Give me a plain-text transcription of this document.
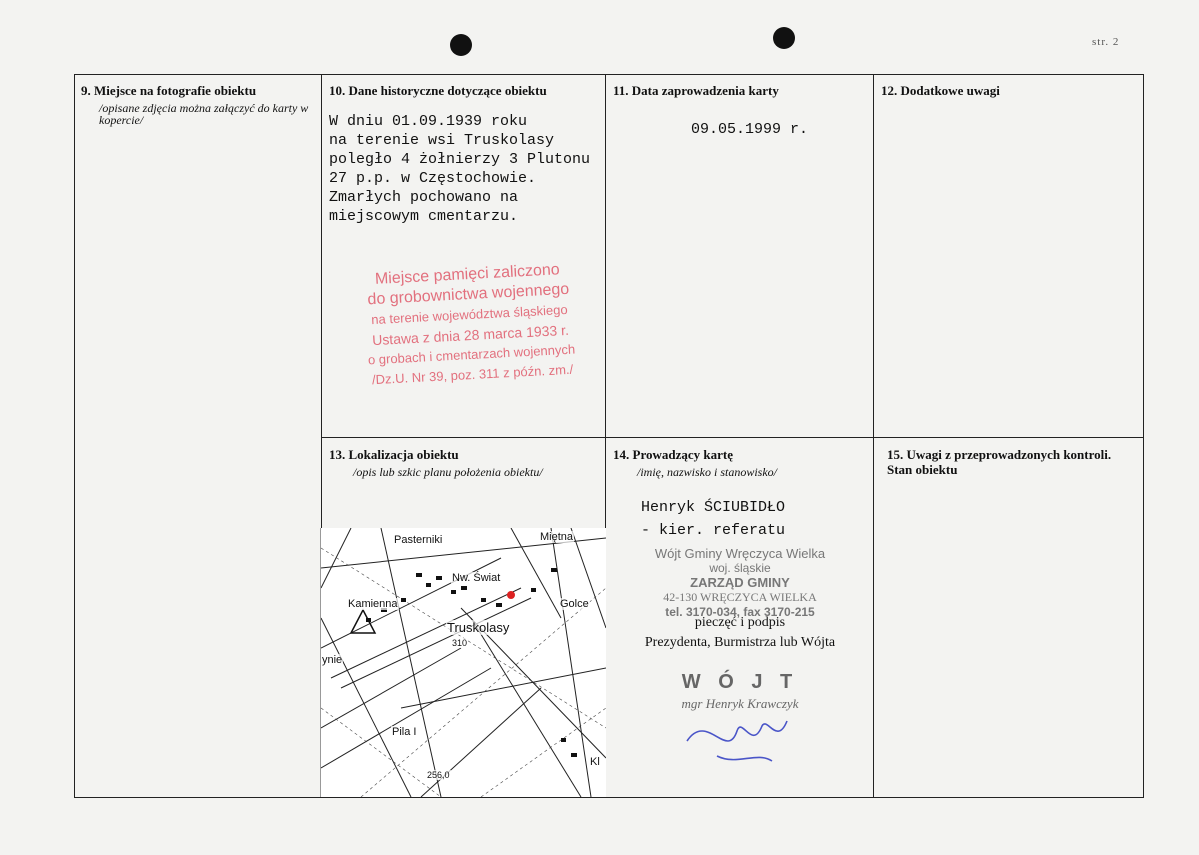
str. 2
9. Miejsce na fotografie obiektu
/opisane zdjęcia można załączyć do karty w kopercie/
10. Dane historyczne dotyczące obiektu
W dniu 01.09.1939 roku
na terenie wsi Truskolasy
poległo 4 żołnierzy 3 Plutonu
27 p.p. w Częstochowie.
Zmarłych pochowano na
miejscowym cmentarzu.
Miejsce pamięci zaliczono
do grobownictwa wojennego
na terenie województwa śląskiego
Ustawa z dnia 28 marca 1933 r.
o grobach i cmentarzach wojennych
/Dz.U. Nr 39, poz. 311 z późn. zm./
11. Data zaprowadzenia karty
09.05.1999 r.
12. Dodatkowe uwagi
13. Lokalizacja obiektu
/opis lub szkic planu położenia obiektu/
Pasterniki	Miętna
Nw. Świat
Kamienna
Truskolasy
Golce
Pila I
Kl
ynie
310
256,0
14. Prowadzący kartę
/imię, nazwisko i stanowisko/
Henryk ŚCIUBIDŁO
- kier. referatu
Wójt Gminy Wręczyca Wielka
woj. śląskie
ZARZĄD GMINY
42-130 WRĘCZYCA WIELKA
tel. 3170-034, fax 3170-215
pieczęć i podpis
Prezydenta, Burmistrza lub Wójta
W Ó J T
mgr Henryk Krawczyk
15. Uwagi z przeprowadzonych kontroli. Stan obiektu
